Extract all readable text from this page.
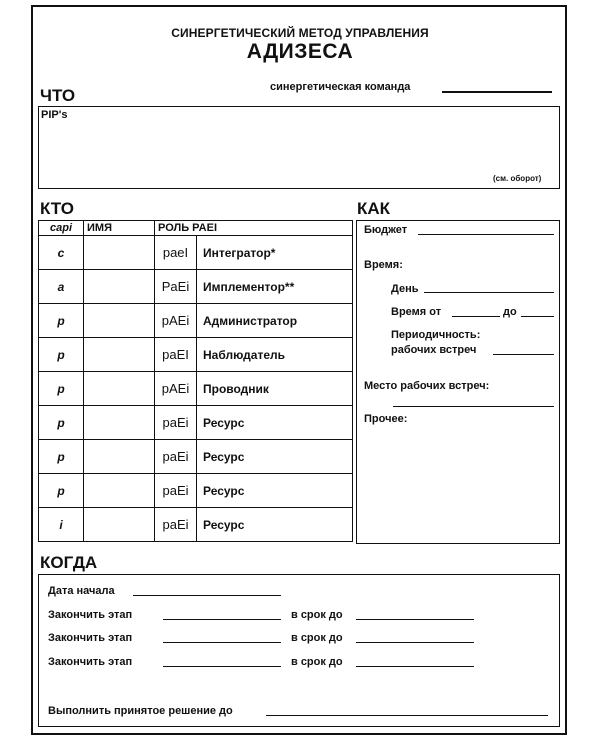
СИНЕРГЕТИЧЕСКИЙ МЕТОД УПРАВЛЕНИЯ
АДИЗЕСА
ЧТО	синергетическая команда
PIP's
(см. оборот)
КТО
capi	ИМЯ	РОЛЬ PAEI	
c		paeI	Интегратор*
a		PaEi	Имплементор**
p		pAEi	Администратор
p		paEI	Наблюдатель
p		pAEi	Проводник
p		paEi	Ресурс
p		paEi	Ресурс
p		paEi	Ресурс
i		paEi	Ресурс
КАК
Бюджет
Время:
День
Время от	до
Периодичность:
рабочих встреч
Место рабочих встреч:
Прочее:
КОГДА
Дата начала
Закончить этап	в срок до
Закончить этап	в срок до
Закончить этап	в срок до
Выполнить принятое решение до
